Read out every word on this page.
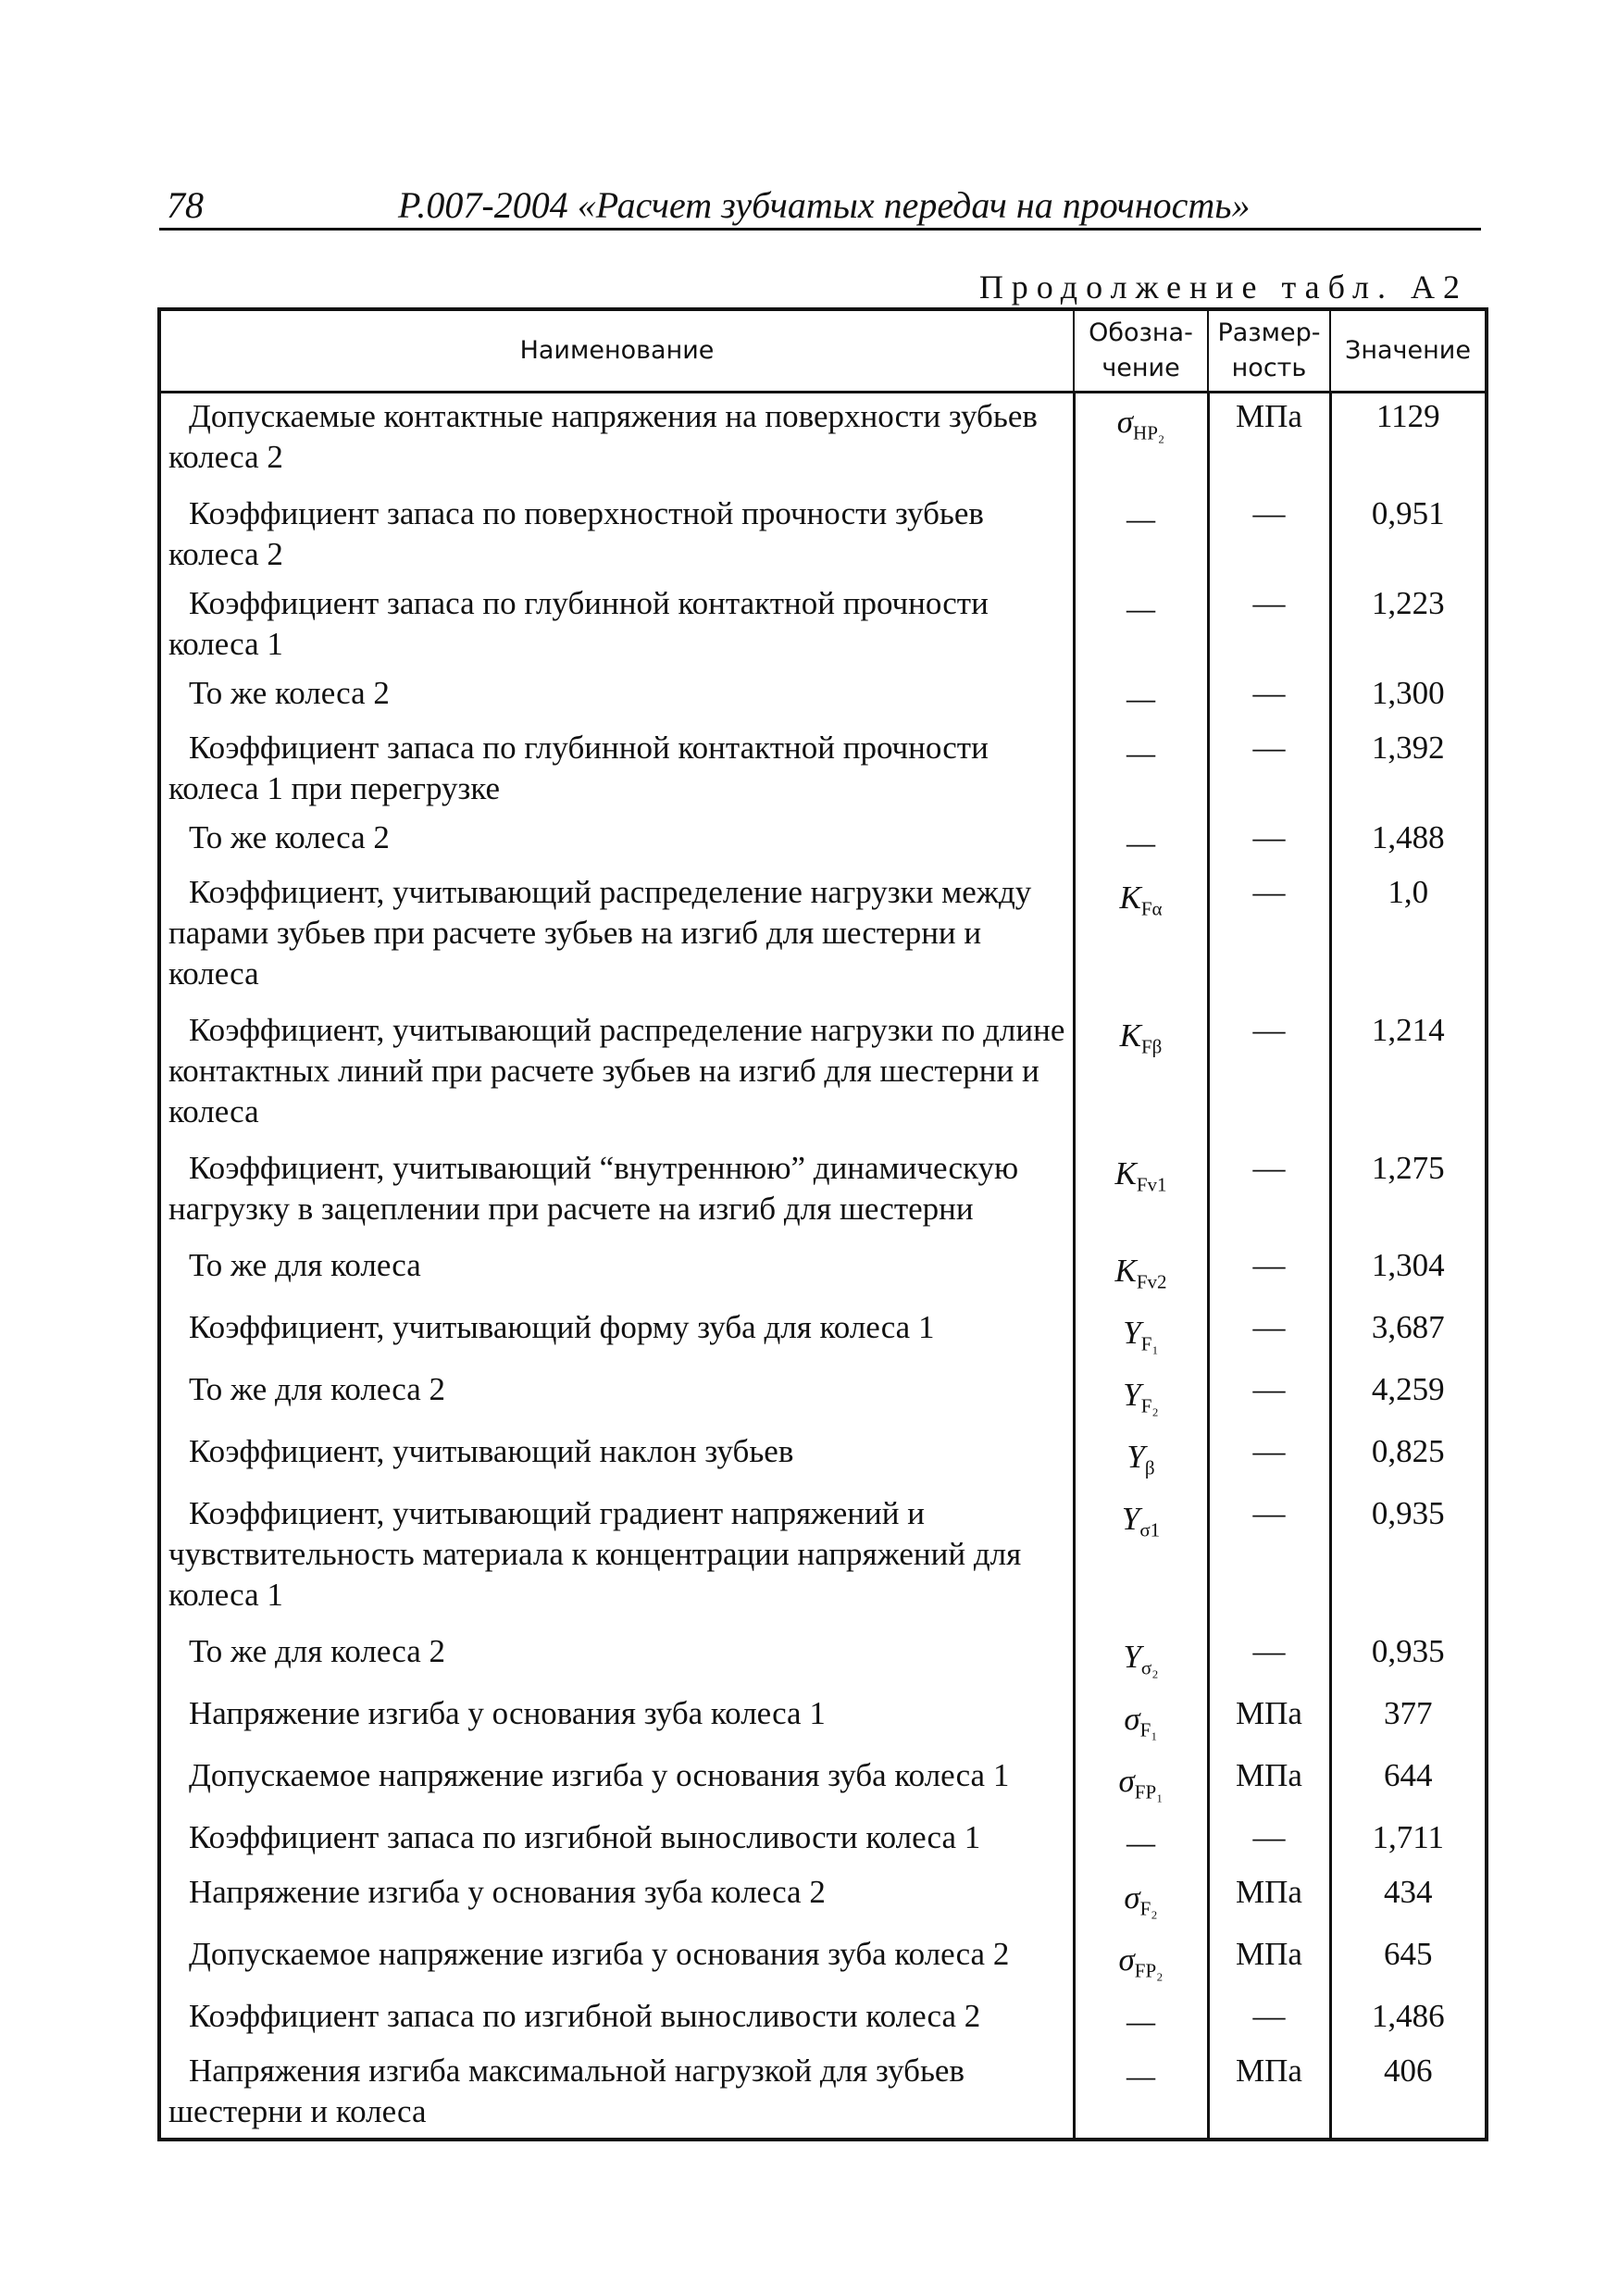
78	Р.007-2004 «Расчет зубчатых передач на прочность»
Продолжение табл. А2
Наименование	Обозна-чение	Размер-ность	Значение
Допускаемые контактные напряжения на поверхности зубьев колеса 2	$\sigma_{HP_2}$	МПа	1129
Коэффициент запаса по поверхностной прочности зубьев колеса 2	—	—	0,951
Коэффициент запаса по глубинной контактной прочности колеса 1	—	—	1,223
То же колеса 2	—	—	1,300
Коэффициент запаса по глубинной контактной прочности колеса 1 при перегрузке	—	—	1,392
То же колеса 2	—	—	1,488
Коэффициент, учитывающий распределение нагрузки между парами зубьев при расчете зубьев на изгиб для шестерни и колеса	$K_{F\alpha}$	—	1,0
Коэффициент, учитывающий распределение нагрузки по длине контактных линий при расчете зубьев на изгиб для шестерни и колеса	$K_{F\beta}$	—	1,214
Коэффициент, учитывающий “внутреннюю” динамическую нагрузку в зацеплении при расчете на изгиб для шестерни	$K_{Fv1}$	—	1,275
То же для колеса	$K_{Fv2}$	—	1,304
Коэффициент, учитывающий форму зуба для колеса 1	$Y_{F_1}$	—	3,687
То же для колеса 2	$Y_{F_2}$	—	4,259
Коэффициент, учитывающий наклон зубьев	$Y_\beta$	—	0,825
Коэффициент, учитывающий градиент напряжений и чувствительность материала к концентрации напряжений для колеса 1	$Y_{\sigma 1}$	—	0,935
То же для колеса 2	$Y_{\sigma_2}$	—	0,935
Напряжение изгиба у основания зуба колеса 1	$\sigma_{F_1}$	МПа	377
Допускаемое напряжение изгиба у основания зуба колеса 1	$\sigma_{FP_1}$	МПа	644
Коэффициент запаса по изгибной выносливости колеса 1	—	—	1,711
Напряжение изгиба у основания зуба колеса 2	$\sigma_{F_2}$	МПа	434
Допускаемое напряжение изгиба у основания зуба колеса 2	$\sigma_{FP_2}$	МПа	645
Коэффициент запаса по изгибной выносливости колеса 2	—	—	1,486
Напряжения изгиба максимальной нагрузкой для зубьев шестерни и колеса	—	МПа	406
